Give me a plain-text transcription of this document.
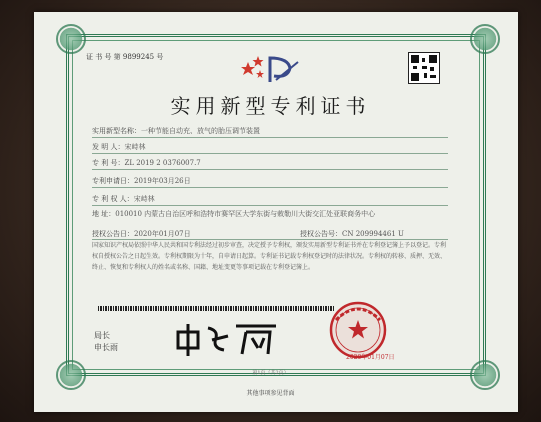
证 书 号 第 9899245 号
实用新型专利证书
实用新型名称：一种节能自动充、放气的胎压调节装置
发 明 人：宋峙林
专 利 号：ZL 2019 2 0376007.7
专利申请日：2019年03月26日
专 利 权 人：宋峙林
地 址：010010 内蒙古自治区呼和浩特市赛罕区大学东街与敕勒川大街交汇处亚联商务中心
授权公告日：2020年01月07日	授权公告号：CN 209994461 U
国家知识产权局依照中华人民共和国专利法经过初步审查，决定授予专利权，颁发实用新型专利证书并在专利登记簿上予以登记。专利权自授权公告之日起生效。专利权期限为十年，自申请日起算。专利证书记载专利权登记时的法律状况。专利权的转移、质押、无效、终止、恢复和专利权人的姓名或名称、国籍、地址变更等事项记载在专利登记簿上。
局长
申长雨
2020年01月07日
第1页（共2页）
其他事项参见背面
